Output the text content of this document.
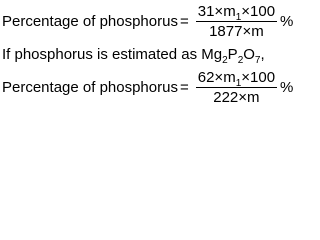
Percentage of phosphorus = $\frac{31 \times m 1 \times 100}{1877 \times m}$ %
If phosphorus is estimated as $Mg_2P_2O_7$,
Percentage of phosphorus = $\frac{62 \times m 1 \times 100}{222 \times m}$ %
